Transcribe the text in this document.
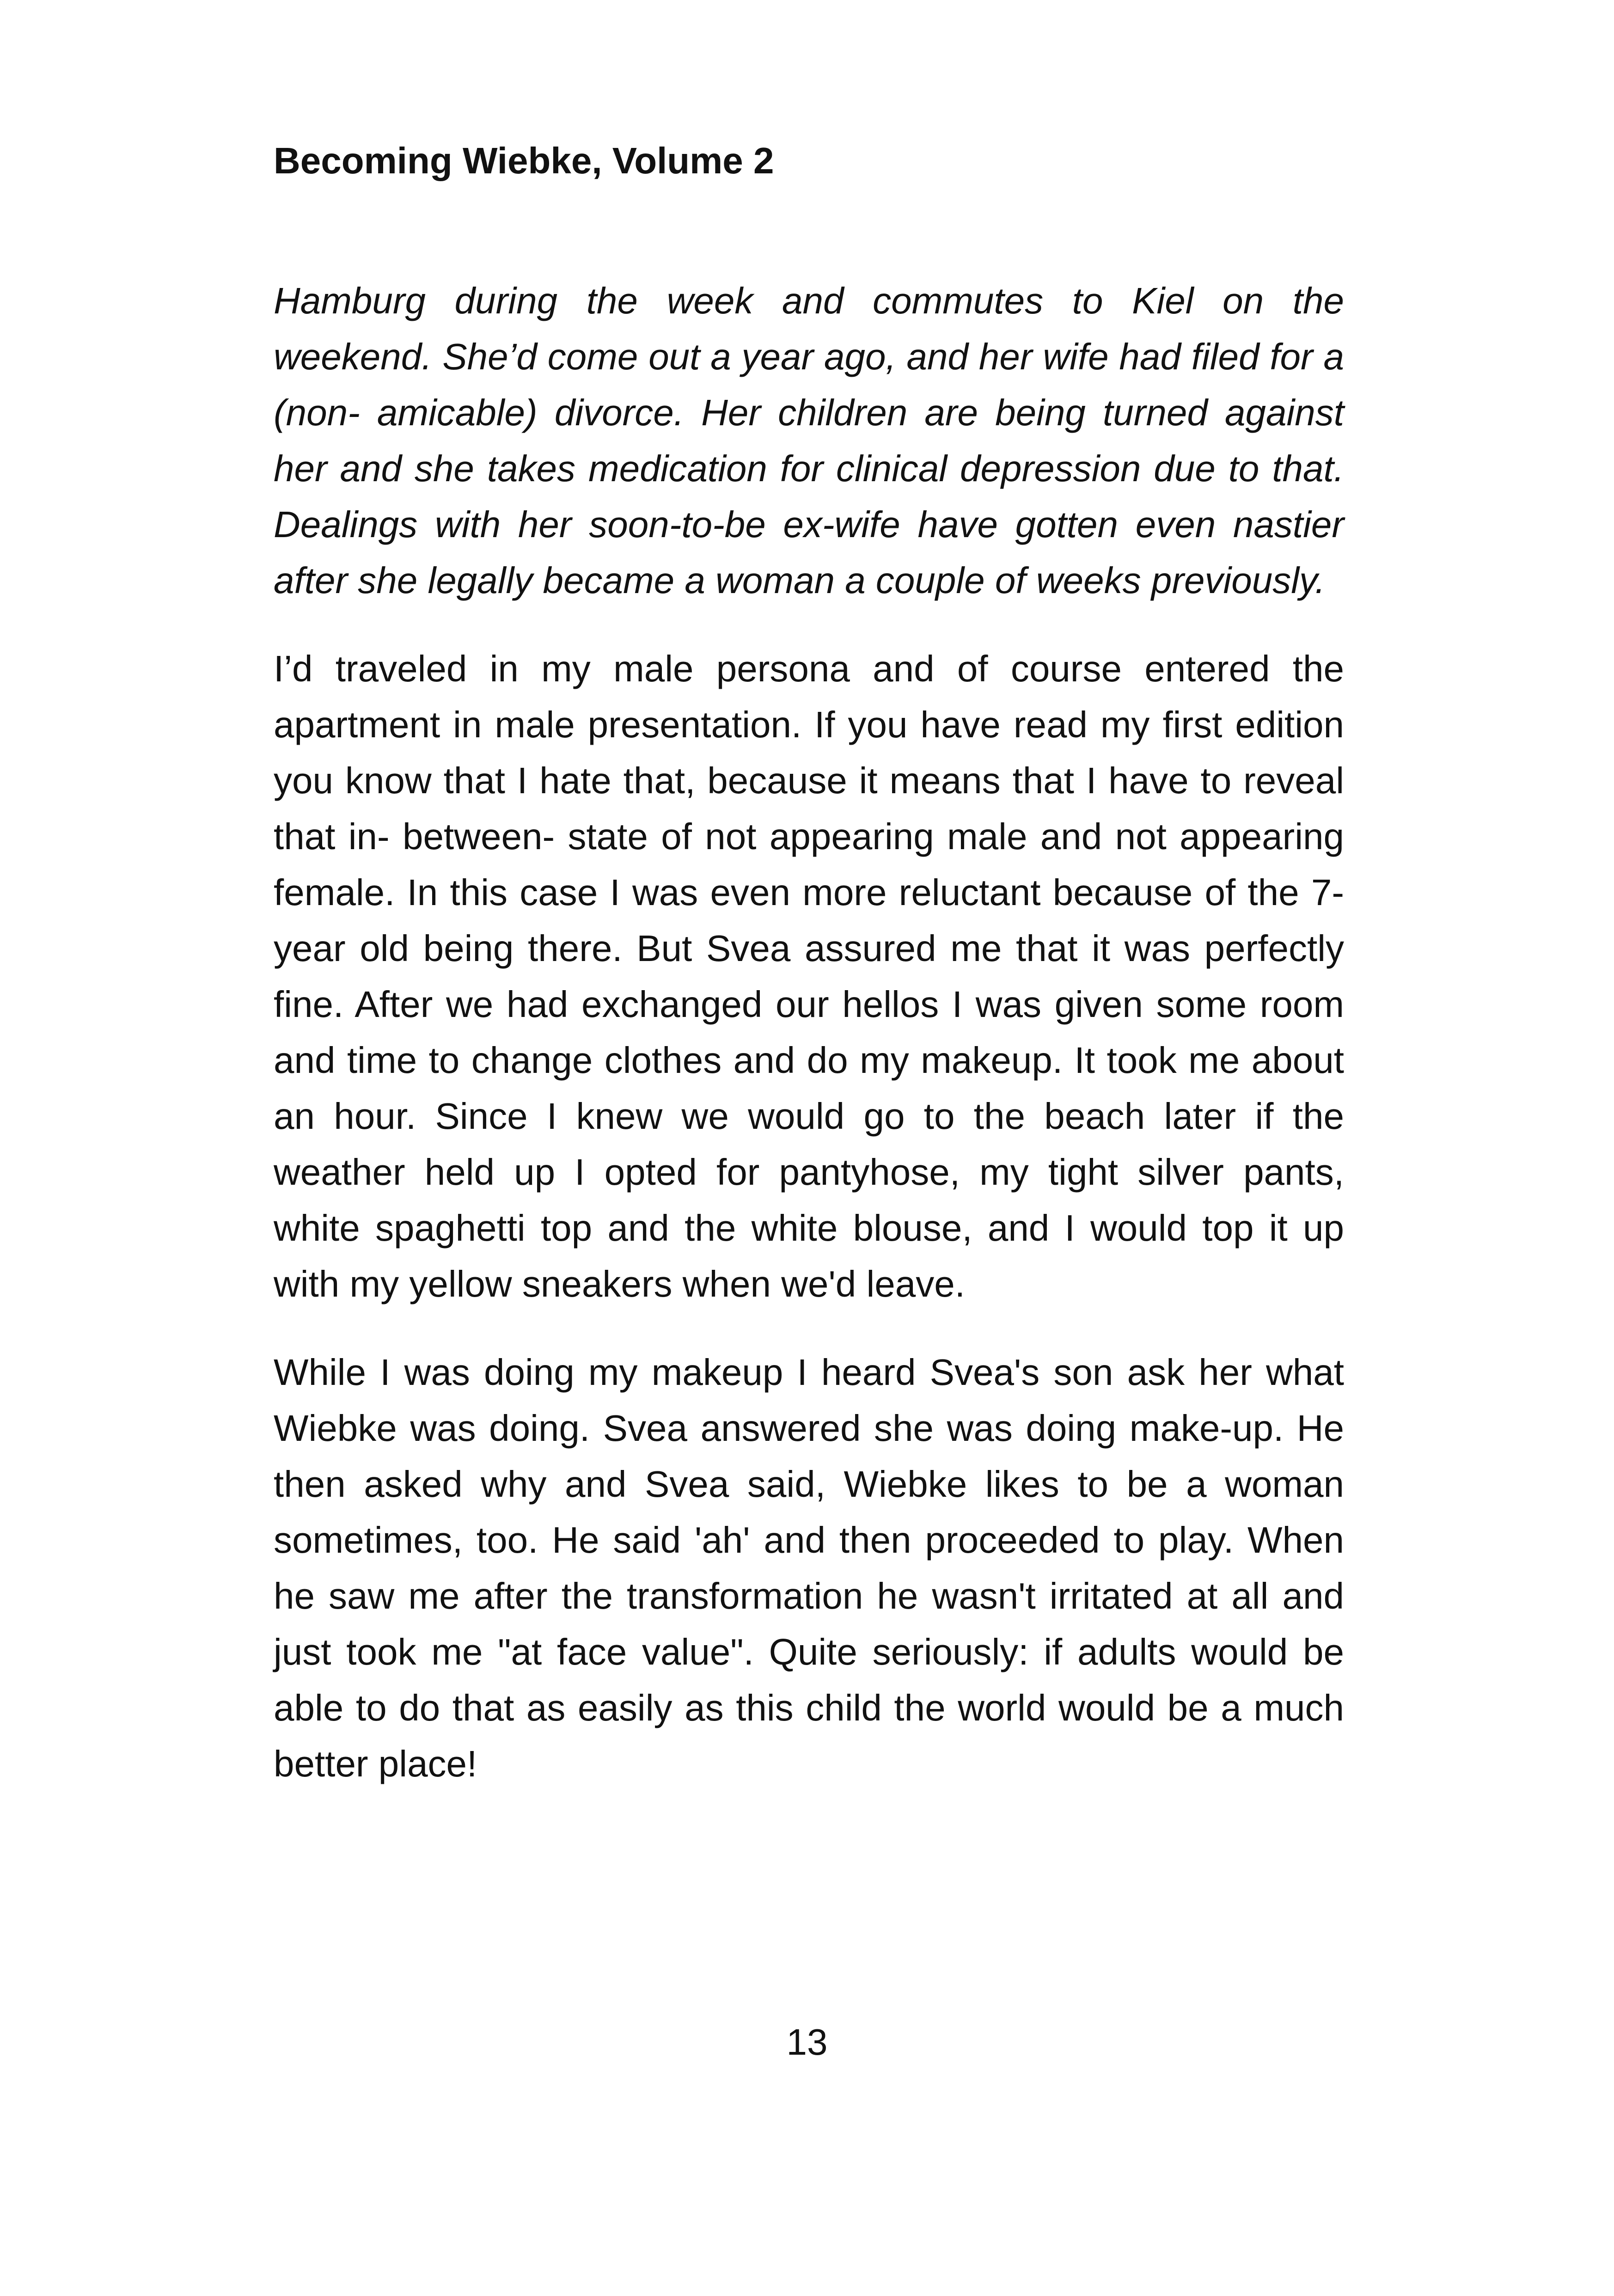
Becoming Wiebke, Volume 2

Hamburg during the week and commutes to Kiel on the weekend. She’d come out a year ago, and her wife had filed for a (non- amicable) divorce. Her children are being turned against her and she takes medication for clinical depression due to that. Dealings with her soon-to-be ex-wife have gotten even nastier after she legally became a woman a couple of weeks previously.

I’d traveled in my male persona and of course entered the apartment in male presentation. If you have read my first edition you know that I hate that, because it means that I have to reveal that in- between- state of not appearing male and not appearing female. In this case I was even more reluctant because of the 7-year old being there. But Svea assured me that it was perfectly fine. After we had exchanged our hellos I was given some room and time to change clothes and do my makeup. It took me about an hour. Since I knew we would go to the beach later if the weather held up I opted for pantyhose, my tight silver pants, white spaghetti top and the white blouse, and I would top it up with my yellow sneakers when we'd leave.

While I was doing my makeup I heard Svea's son ask her what Wiebke was doing. Svea answered she was doing make-up. He then asked why and Svea said, Wiebke likes to be a woman sometimes, too. He said 'ah' and then proceeded to play. When he saw me after the transformation he wasn't irritated at all and just took me "at face value". Quite seriously: if adults would be able to do that as easily as this child the world would be a much better place!

13
